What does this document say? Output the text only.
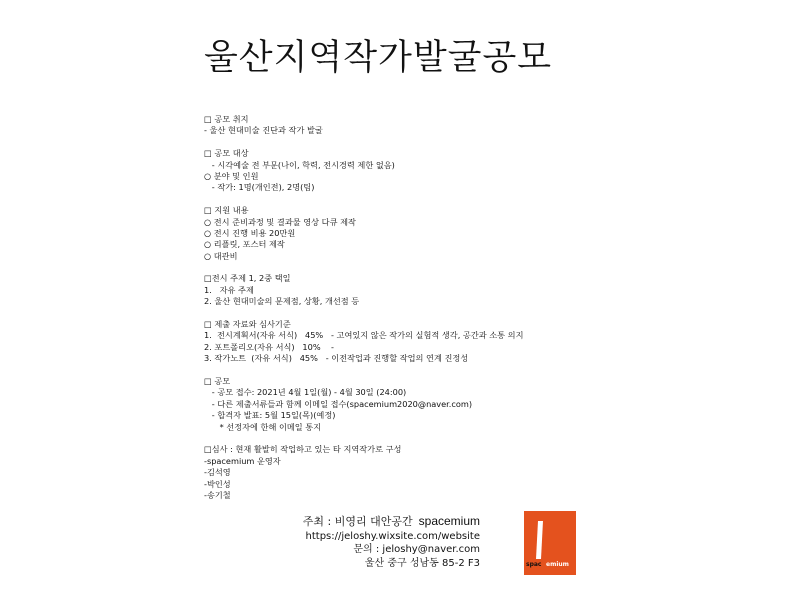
울산지역작가발굴공모
□ 공모 취지
- 울산 현대미술 진단과 작가 발굴
□ 공모 대상
- 시각예술 전 부문(나이, 학력, 전시경력 제한 없음)
○ 분야 및 인원
- 작가: 1명(개인전), 2명(팀)
□ 지원 내용
○ 전시 준비과정 및 결과물 영상 다큐 제작
○ 전시 진행 비용 20만원
○ 리플릿, 포스터 제작
○ 대관비
□전시 주제 1, 2중 택일
1.   자유 주제
2. 울산 현대미술의 문제점, 상황, 개선점 등
□ 제출 자료와 심사기준
1.  전시계획서(자유 서식)   45%   - 고여있지 않은 작가의 실험적 생각, 공간과 소통 의지
2. 포트폴리오(자유 서식)   10%    -
3. 작가노트  (자유 서식)   45%   - 이전작업과 진행할 작업의 연계 진정성
□ 공모
- 공모 접수: 2021년 4월 1일(월) - 4월 30일 (24:00)
- 다른 제출서류들과 함께 이메일 접수(spacemium2020@naver.com)
- 합격자 발표: 5월 15일(목)(예정)
* 선정자에 한해 이메일 통지
□심사 : 현재 활발히 작업하고 있는 타 지역작가로 구성
-spacemium 운영자
-김석영
-박인성
-송기철
주최 : 비영리 대안공간 spacemium
https://jeloshy.wixsite.com/website
문의 : jeloshy@naver.com
울산 중구 성남동 85-2 F3	spac emium
